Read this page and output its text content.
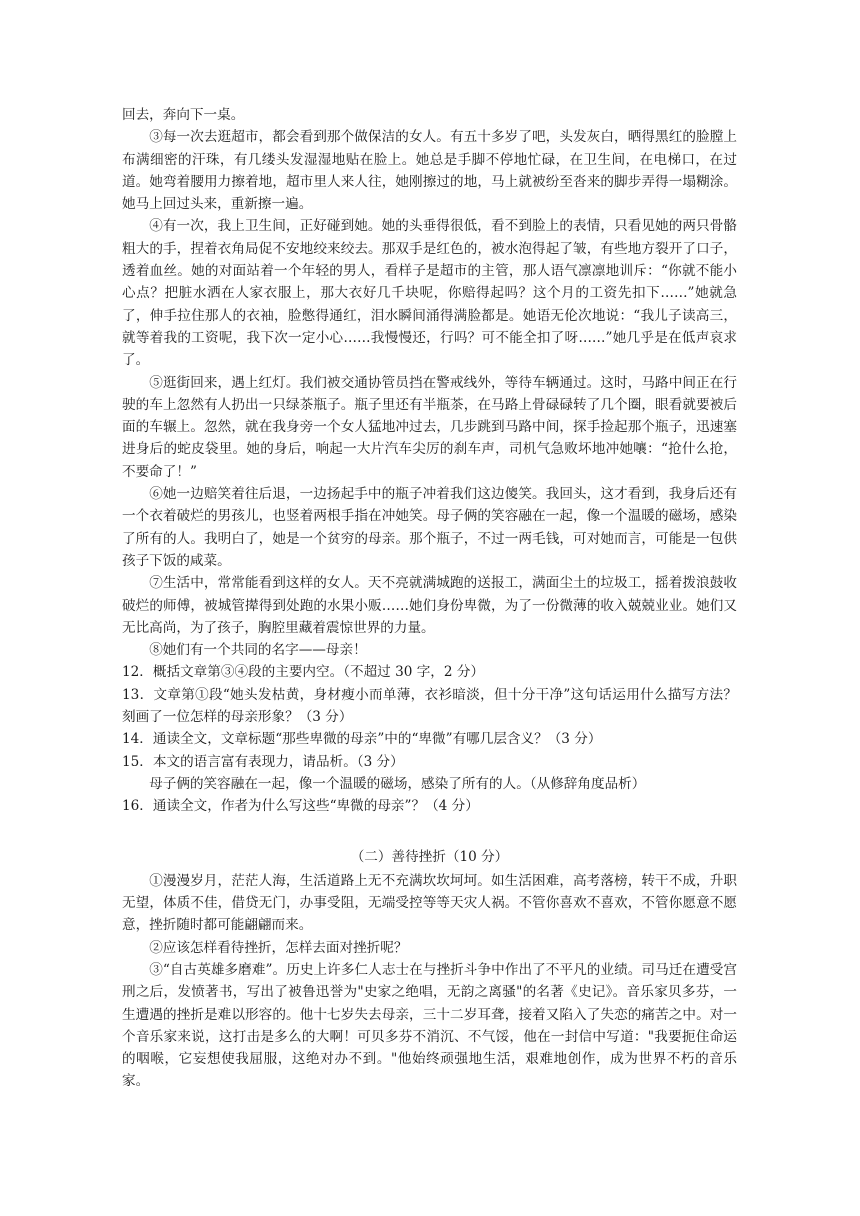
回去，奔向下一桌。

③每一次去逛超市，都会看到那个做保洁的女人。有五十多岁了吧，头发灰白，晒得黑红的脸膛上布满细密的汗珠，有几缕头发湿湿地贴在脸上。她总是手脚不停地忙碌，在卫生间，在电梯口，在过道。她弯着腰用力擦着地，超市里人来人往，她刚擦过的地，马上就被纷至沓来的脚步弄得一塌糊涂。她马上回过头来，重新擦一遍。

④有一次，我上卫生间，正好碰到她。她的头垂得很低，看不到脸上的表情，只看见她的两只骨骼粗大的手，捏着衣角局促不安地绞来绞去。那双手是红色的，被水泡得起了皱，有些地方裂开了口子，透着血丝。她的对面站着一个年轻的男人，看样子是超市的主管，那人语气凛凛地训斥：“你就不能小心点？把脏水洒在人家衣服上，那大衣好几千块呢，你赔得起吗？这个月的工资先扣下……”她就急了，伸手拉住那人的衣袖，脸憋得通红，泪水瞬间涌得满脸都是。她语无伦次地说：“我儿子读高三，就等着我的工资呢，我下次一定小心……我慢慢还，行吗？可不能全扣了呀……”她几乎是在低声哀求了。

⑤逛街回来，遇上红灯。我们被交通协管员挡在警戒线外，等待车辆通过。这时，马路中间正在行驶的车上忽然有人扔出一只绿茶瓶子。瓶子里还有半瓶茶，在马路上骨碌碌转了几个圈，眼看就要被后面的车辗上。忽然，就在我身旁一个女人猛地冲过去，几步跳到马路中间，探手捡起那个瓶子，迅速塞进身后的蛇皮袋里。她的身后，响起一大片汽车尖厉的刹车声，司机气急败坏地冲她嚷：“抢什么抢，不要命了！”

⑥她一边赔笑着往后退，一边扬起手中的瓶子冲着我们这边傻笑。我回头，这才看到，我身后还有一个衣着破烂的男孩儿，也竖着两根手指在冲她笑。母子俩的笑容融在一起，像一个温暖的磁场，感染了所有的人。我明白了，她是一个贫穷的母亲。那个瓶子，不过一两毛钱，可对她而言，可能是一包供孩子下饭的咸菜。

⑦生活中，常常能看到这样的女人。天不亮就满城跑的送报工，满面尘土的垃圾工，摇着拨浪鼓收破烂的师傅，被城管撵得到处跑的水果小贩……她们身份卑微，为了一份微薄的收入兢兢业业。她们又无比高尚，为了孩子，胸腔里藏着震惊世界的力量。

⑧她们有一个共同的名字——母亲！

12．概括文章第③④段的主要内空。（不超过 30 字，2 分）

13．文章第①段“她头发枯黄，身材瘦小而单薄，衣衫暗淡，但十分干净”这句话运用什么描写方法？刻画了一位怎样的母亲形象？（3 分）

14．通读全文，文章标题“那些卑微的母亲”中的“卑微”有哪几层含义？（3 分）

15．本文的语言富有表现力，请品析。（3 分）

母子俩的笑容融在一起，像一个温暖的磁场，感染了所有的人。（从修辞角度品析）

16．通读全文，作者为什么写这些“卑微的母亲”？（4 分）

（二）善待挫折（10 分）

①漫漫岁月，茫茫人海，生活道路上无不充满坎坎坷坷。如生活困难，高考落榜，转干不成，升职无望，体质不佳，借贷无门，办事受阻，无端受控等等天灾人祸。不管你喜欢不喜欢，不管你愿意不愿意，挫折随时都可能翩翩而来。

②应该怎样看待挫折，怎样去面对挫折呢？

③“自古英雄多磨难”。历史上许多仁人志士在与挫折斗争中作出了不平凡的业绩。司马迁在遭受宫刑之后，发愤著书，写出了被鲁迅誉为"史家之绝唱，无韵之离骚"的名著《史记》。音乐家贝多芬，一生遭遇的挫折是难以形容的。他十七岁失去母亲，三十二岁耳聋，接着又陷入了失恋的痛苦之中。对一个音乐家来说，这打击是多么的大啊！可贝多芬不消沉、不气馁，他在一封信中写道："我要扼住命运的咽喉，它妄想使我屈服，这绝对办不到。"他始终顽强地生活，艰难地创作，成为世界不朽的音乐家。
